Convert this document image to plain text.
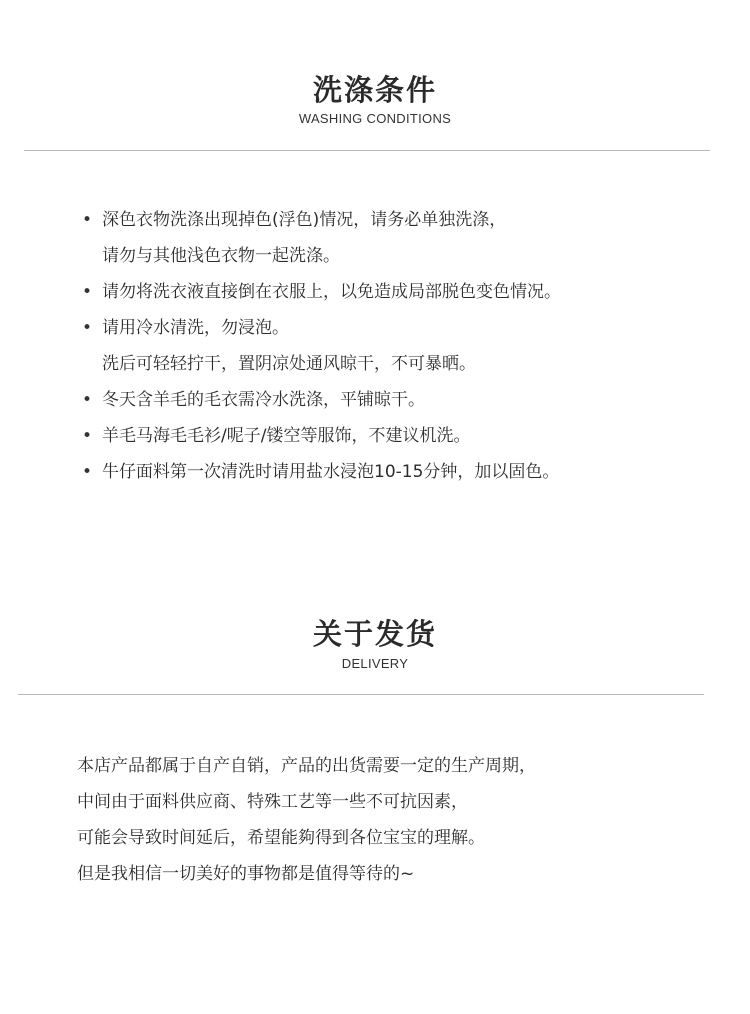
洗涤条件
WASHING CONDITIONS
• 深色衣物洗涤出现掉色(浮色)情况，请务必单独洗涤，
请勿与其他浅色衣物一起洗涤。
• 请勿将洗衣液直接倒在衣服上，以免造成局部脱色变色情况。
• 请用冷水清洗，勿浸泡。
洗后可轻轻拧干，置阴凉处通风晾干，不可暴晒。
• 冬天含羊毛的毛衣需冷水洗涤，平铺晾干。
• 羊毛马海毛毛衫/呢子/镂空等服饰，不建议机洗。
• 牛仔面料第一次清洗时请用盐水浸泡10-15分钟，加以固色。
关于发货
DELIVERY
本店产品都属于自产自销，产品的出货需要一定的生产周期，
中间由于面料供应商、特殊工艺等一些不可抗因素，
可能会导致时间延后，希望能夠得到各位宝宝的理解。
但是我相信一切美好的事物都是值得等待的~
